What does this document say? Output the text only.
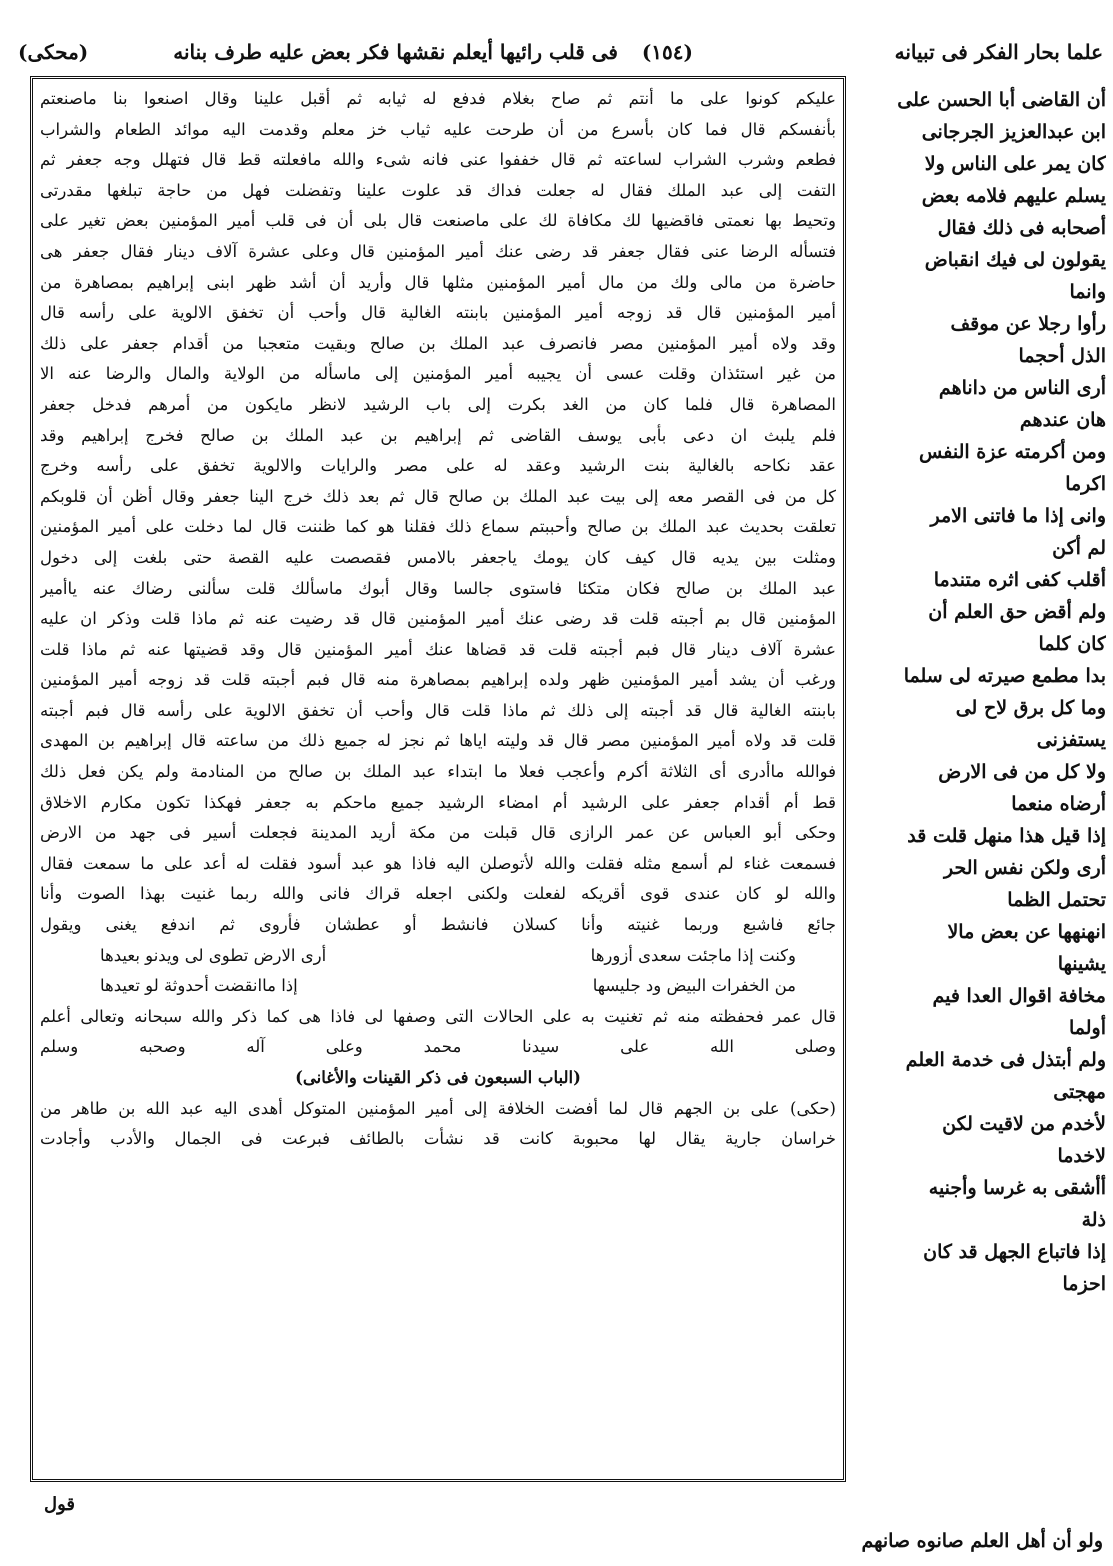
علما بحار الفكر فى تبيانه
(١٥٤)
فى قلب رائيها أيعلم نقشها فكر بعض عليه طرف بنانه
(محكى)
عليكم كونوا على ما أنتم ثم صاح بغلام فدفع له ثيابه ثم أقبل علينا وقال اصنعوا بنا ماصنعتم
بأنفسكم قال فما كان بأسرع من أن طرحت عليه ثياب خز معلم وقدمت اليه موائد الطعام والشراب
فطعم وشرب الشراب لساعته ثم قال خففوا عنى فانه شىء والله مافعلته قط قال فتهلل وجه جعفر ثم
التفت إلى عبد الملك فقال له جعلت فداك قد علوت علينا وتفضلت فهل من حاجة تبلغها مقدرتى
وتحيط بها نعمتى فاقضيها لك مكافاة لك على ماصنعت قال بلى أن فى قلب أمير المؤمنين بعض تغير على
فتسأله الرضا عنى فقال جعفر قد رضى عنك أمير المؤمنين قال وعلى عشرة آلاف دينار فقال جعفر هى
حاضرة من مالى ولك من مال أمير المؤمنين مثلها قال وأريد أن أشد ظهر ابنى إبراهيم بمصاهرة من
أمير المؤمنين قال قد زوجه أمير المؤمنين بابنته الغالية قال وأحب أن تخفق الالوية على رأسه قال
وقد ولاه أمير المؤمنين مصر فانصرف عبد الملك بن صالح وبقيت متعجبا من أقدام جعفر على ذلك
من غير استئذان وقلت عسى أن يجيبه أمير المؤمنين إلى ماسأله من الولاية والمال والرضا عنه الا
المصاهرة قال فلما كان من الغد بكرت إلى باب الرشيد لانظر مايكون من أمرهم فدخل جعفر
فلم يلبث ان دعى بأبى يوسف القاضى ثم إبراهيم بن عبد الملك بن صالح فخرج إبراهيم وقد
عقد نكاحه بالغالية بنت الرشيد وعقد له على مصر والرايات والالوية تخفق على رأسه وخرج
كل من فى القصر معه إلى بيت عبد الملك بن صالح قال ثم بعد ذلك خرج الينا جعفر وقال أظن أن قلوبكم
تعلقت بحديث عبد الملك بن صالح وأحببتم سماع ذلك فقلنا هو كما ظننت قال لما دخلت على أمير المؤمنين
ومثلت بين يديه قال كيف كان يومك ياجعفر بالامس فقصصت عليه القصة حتى بلغت إلى دخول
عبد الملك بن صالح فكان متكئا فاستوى جالسا وقال أبوك ماسألك قلت سألنى رضاك عنه ياأمير
المؤمنين قال بم أجبته قلت قد رضى عنك أمير المؤمنين قال قد رضيت عنه ثم ماذا قلت وذكر ان عليه
عشرة آلاف دينار قال فبم أجبته قلت قد قضاها عنك أمير المؤمنين قال وقد قضيتها عنه ثم ماذا قلت
ورغب أن يشد أمير المؤمنين ظهر ولده إبراهيم بمصاهرة منه قال فبم أجبته قلت قد زوجه أمير المؤمنين
بابنته الغالية قال قد أجبته إلى ذلك ثم ماذا قلت قال وأحب أن تخفق الالوية على رأسه قال فبم أجبته
قلت قد ولاه أمير المؤمنين مصر قال قد وليته اياها ثم نجز له جميع ذلك من ساعته قال إبراهيم بن المهدى
فوالله ماأدرى أى الثلاثة أكرم وأعجب فعلا ما ابتداء عبد الملك بن صالح من المنادمة ولم يكن فعل ذلك
قط أم أقدام جعفر على الرشيد أم امضاء الرشيد جميع ماحكم به جعفر فهكذا تكون مكارم الاخلاق
وحكى أبو العباس عن عمر الرازى قال قبلت من مكة أريد المدينة فجعلت أسير فى جهد من الارض
فسمعت غناء لم أسمع مثله فقلت والله لأتوصلن اليه فاذا هو عبد أسود فقلت له أعد على ما سمعت فقال
والله لو كان عندى قوى أقريكه لفعلت ولكنى اجعله قراك فانى والله ربما غنيت بهذا الصوت وأنا
جائع فاشبع وربما غنيته وأنا كسلان فانشط أو عطشان فأروى ثم اندفع يغنى ويقول
وكنت إذا ماجئت سعدى أزورها
أرى الارض تطوى لى ويدنو بعيدها
من الخفرات البيض ود جليسها
إذا ماانقضت أحدوثة لو تعيدها
قال عمر فحفظته منه ثم تغنيت به على الحالات التى وصفها لى فاذا هى كما ذكر والله سبحانه وتعالى أعلم
وصلى الله على سيدنا محمد وعلى آله وصحبه وسلم
(الباب السبعون فى ذكر القينات والأغانى)
(حكى) على بن الجهم قال لما أفضت الخلافة إلى أمير المؤمنين المتوكل أهدى اليه عبد الله بن طاهر من
خراسان جارية يقال لها محبوبة كانت قد نشأت بالطائف فبرعت فى الجمال والأدب وأجادت
أن القاضى أبا الحسن على
ابن عبدالعزيز الجرجانى
كان يمر على الناس ولا
يسلم عليهم فلامه بعض
أصحابه فى ذلك فقال
يقولون لى فيك انقباض
وانما
رأوا رجلا عن موقف
الذل أحجما
أرى الناس من داناهم
هان عندهم
ومن أكرمته عزة النفس
اكرما
وانى إذا ما فاتنى الامر
لم أكن
أقلب كفى اثره متندما
ولم أقض حق العلم أن
كان كلما
بدا مطمع صيرته لى سلما
وما كل برق لاح لى
يستفزنى
ولا كل من فى الارض
أرضاه منعما
إذا قيل هذا منهل قلت قد
أرى ولكن نفس الحر
تحتمل الظما
انهنهها عن بعض مالا
يشينها
مخافة اقوال العدا فيم
أولما
ولم أبتذل فى خدمة العلم
مهجتى
لأخدم من لاقيت لكن
لاخدما
أأشقى به غرسا وأجنيه
ذلة
إذا فاتباع الجهل قد كان
احزما
قول
ولو أن أهل العلم صانوه صانهم
